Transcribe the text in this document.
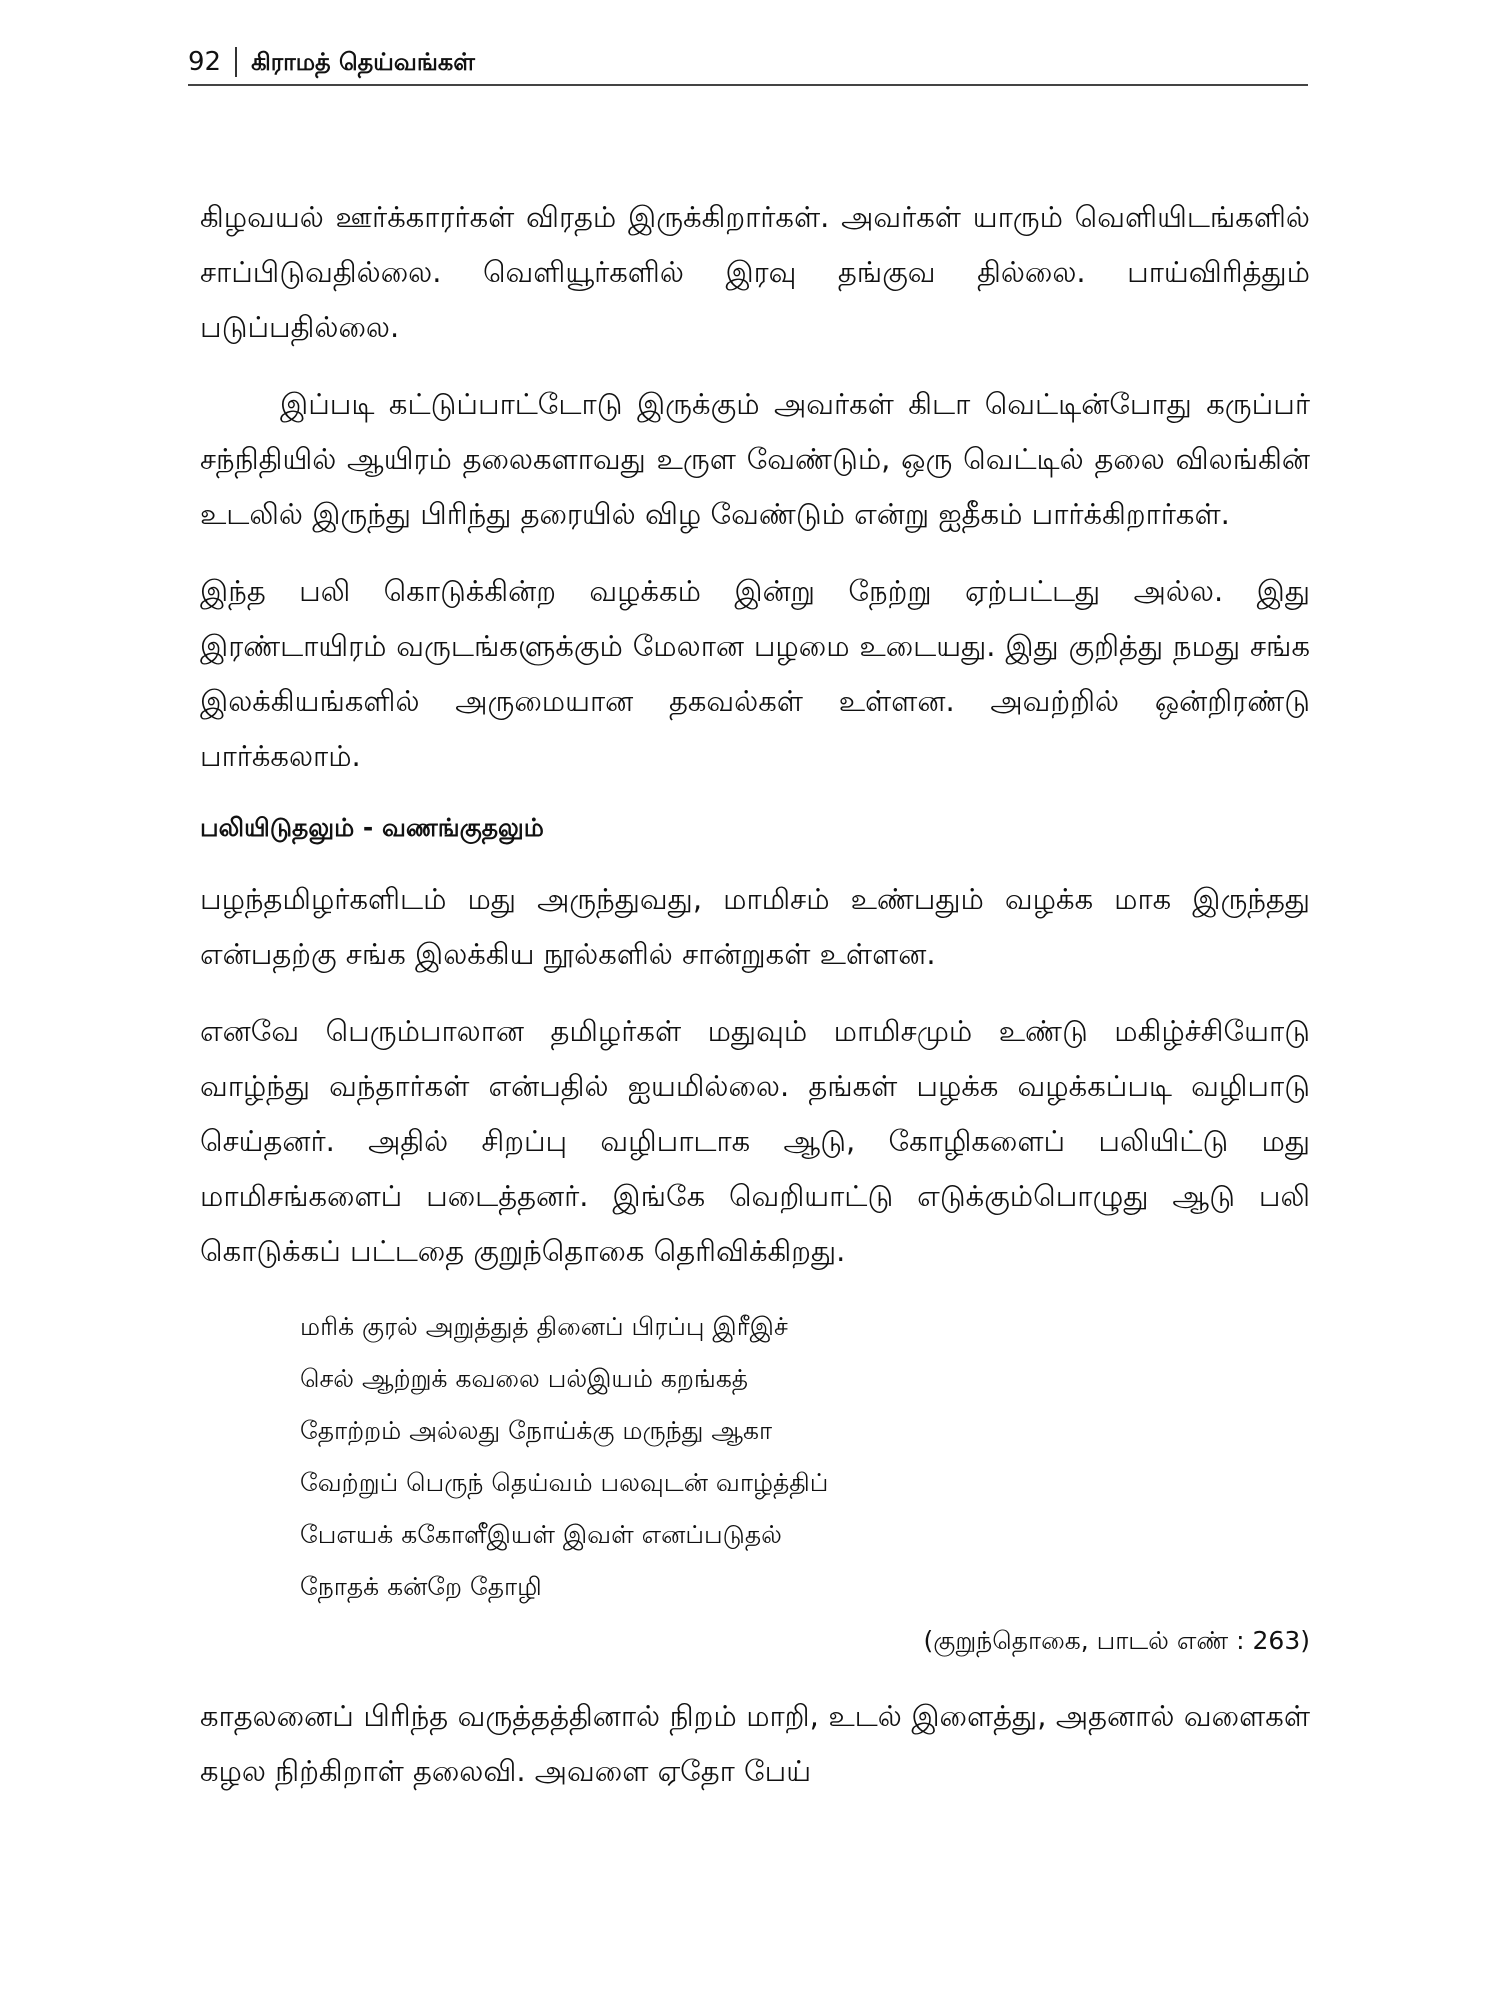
92	கிராமத் தெய்வங்கள்

கிழவயல் ஊர்க்காரர்கள் விரதம் இருக்கிறார்கள். அவர்கள் யாரும் வெளியிடங்களில் சாப்பிடுவதில்லை. வெளியூர்களில் இரவு தங்குவ தில்லை. பாய்விரித்தும் படுப்பதில்லை.

இப்படி கட்டுப்பாட்டோடு இருக்கும் அவர்கள் கிடா வெட்டின்போது கருப்பர் சந்நிதியில் ஆயிரம் தலைகளாவது உருள வேண்டும், ஒரு வெட்டில் தலை விலங்கின் உடலில் இருந்து பிரிந்து தரையில் விழ வேண்டும் என்று ஐதீகம் பார்க்கிறார்கள்.

இந்த பலி கொடுக்கின்ற வழக்கம் இன்று நேற்று ஏற்பட்டது அல்ல. இது இரண்டாயிரம் வருடங்களுக்கும் மேலான பழமை உடையது. இது குறித்து நமது சங்க இலக்கியங்களில் அருமையான தகவல்கள் உள்ளன. அவற்றில் ஒன்றிரண்டு பார்க்கலாம்.

பலியிடுதலும் - வணங்குதலும்

பழந்தமிழர்களிடம் மது அருந்துவது, மாமிசம் உண்பதும் வழக்க மாக இருந்தது என்பதற்கு சங்க இலக்கிய நூல்களில் சான்றுகள் உள்ளன.

எனவே பெரும்பாலான தமிழர்கள் மதுவும் மாமிசமும் உண்டு மகிழ்ச்சியோடு வாழ்ந்து வந்தார்கள் என்பதில் ஐயமில்லை. தங்கள் பழக்க வழக்கப்படி வழிபாடு செய்தனர். அதில் சிறப்பு வழிபாடாக ஆடு, கோழிகளைப் பலியிட்டு மது மாமிசங்களைப் படைத்தனர். இங்கே வெறியாட்டு எடுக்கும்பொழுது ஆடு பலி கொடுக்கப் பட்டதை குறுந்தொகை தெரிவிக்கிறது.

மரிக் குரல் அறுத்துத் தினைப் பிரப்பு இரீஇச்
செல் ஆற்றுக் கவலை பல்இயம் கறங்கத்
தோற்றம் அல்லது நோய்க்கு மருந்து ஆகா
வேற்றுப் பெருந் தெய்வம் பலவுடன் வாழ்த்திப்
பேஎயக் ககோளீஇயள் இவள் எனப்படுதல்
நோதக் கன்றே தோழி
(குறுந்தொகை, பாடல் எண் : 263)

காதலனைப் பிரிந்த வருத்தத்தினால் நிறம் மாறி, உடல் இளைத்து, அதனால் வளைகள் கழல நிற்கிறாள் தலைவி. அவளை ஏதோ பேய்
